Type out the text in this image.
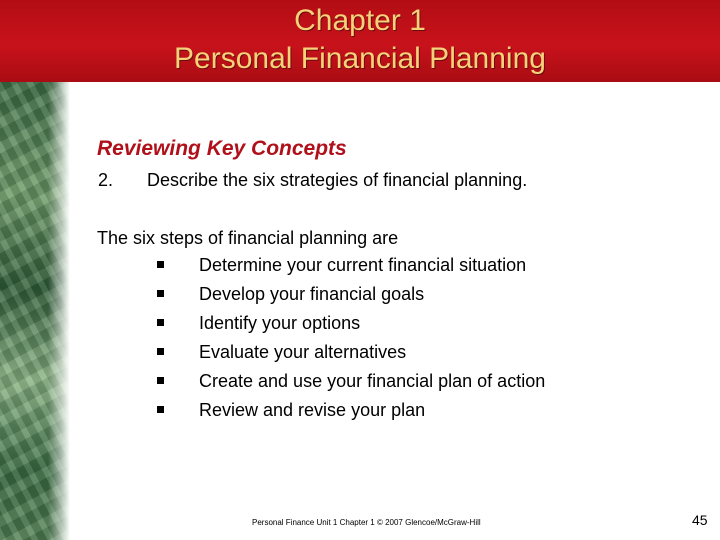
Chapter 1
Personal Financial Planning
Reviewing Key Concepts
2. Describe the six strategies of financial planning.
The six steps of financial planning are
Determine your current financial situation
Develop your financial goals
Identify your options
Evaluate your alternatives
Create and use your financial plan of action
Review and revise your plan
Personal Finance Unit 1 Chapter 1 © 2007 Glencoe/McGraw-Hill	45
